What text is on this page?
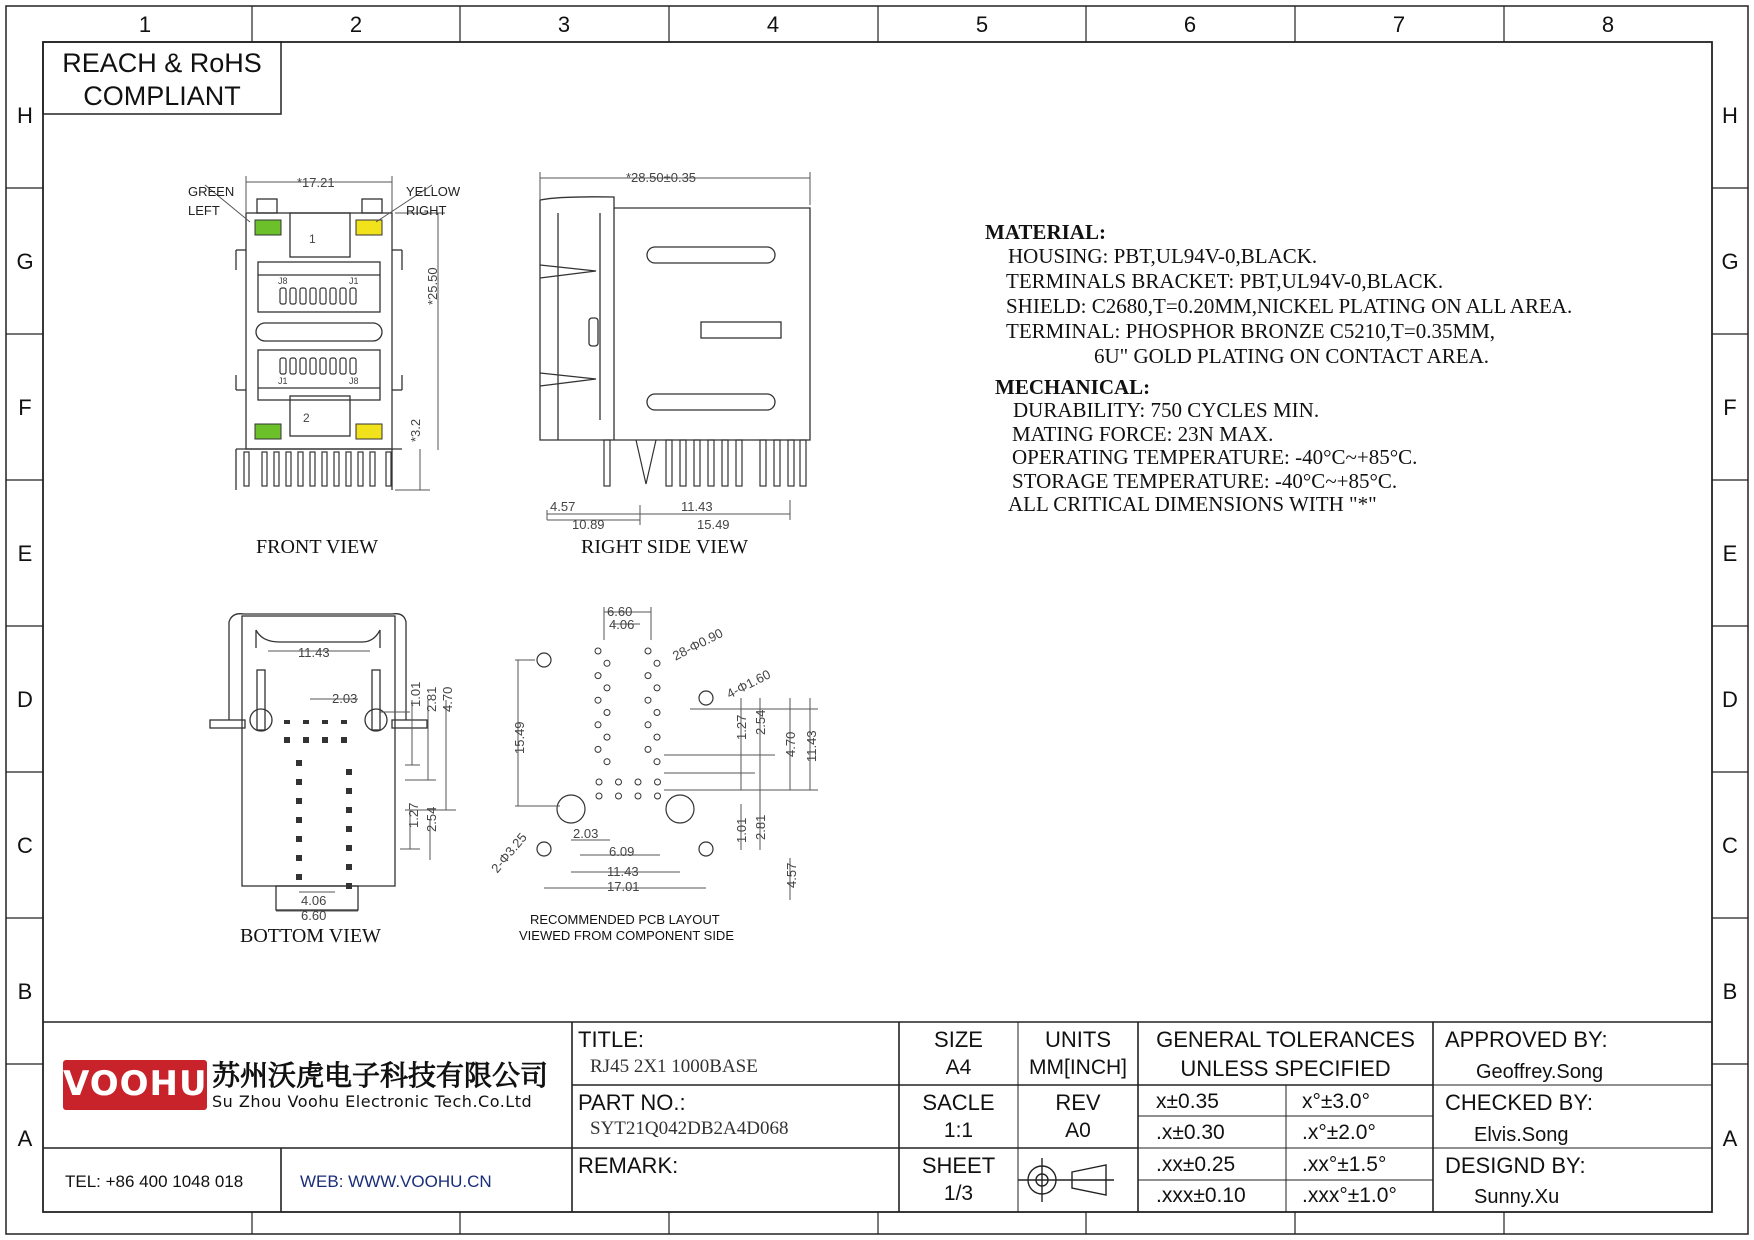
1	2	3	4	5	6	7	8
H
G
F
E
D
C
B
A
H
G
F
E
D
C
B
A
REACH & RoHS
COMPLIANT
*17.21
*25.50
*3.2
GREEN
LEFT
YELLOW
RIGHT
1
2
J8	J1
J1	J8
FRONT VIEW
*28.50±0.35
4.57	11.43
10.89	15.49
RIGHT SIDE VIEW
11.43
2.03	1.01 2.81 4.70
1.27 2.54
4.06
6.60
BOTTOM VIEW
6.60
4.06
28-Φ0.90
4-Φ1.60
15.49	1.27 2.54
4.70 11.43
1.01 2.81
2-Φ3.25	2.03
6.09
11.43
17.01	4.57
RECOMMENDED PCB LAYOUT
VIEWED FROM COMPONENT SIDE
MATERIAL:
HOUSING: PBT,UL94V-0,BLACK.
TERMINALS BRACKET: PBT,UL94V-0,BLACK.
SHIELD: C2680,T=0.20MM,NICKEL PLATING ON ALL AREA.
TERMINAL: PHOSPHOR BRONZE C5210,T=0.35MM,
6U" GOLD PLATING ON CONTACT AREA.
MECHANICAL:
DURABILITY: 750 CYCLES MIN.
MATING FORCE: 23N MAX.
OPERATING TEMPERATURE: -40°C~+85°C.
STORAGE TEMPERATURE: -40°C~+85°C.
ALL CRITICAL DIMENSIONS WITH "*"
VOOHU 苏州沃虎电子科技有限公司
Su Zhou Voohu Electronic Tech.Co.Ltd
TEL: +86 400 1048 018	WEB: WWW.VOOHU.CN
TITLE:
RJ45 2X1 1000BASE
PART NO.:
SYT21Q042DB2A4D068
REMARK:
SIZE
A4
UNITS
MM[INCH]
SACLE
1:1
REV
A0
SHEET
1/3
GENERAL TOLERANCES
UNLESS SPECIFIED
x±0.35	x°±3.0°
.x±0.30	.x°±2.0°
.xx±0.25	.xx°±1.5°
.xxx±0.10	.xxx°±1.0°
APPROVED BY:
Geoffrey.Song
CHECKED BY:
Elvis.Song
DESIGND BY:
Sunny.Xu
